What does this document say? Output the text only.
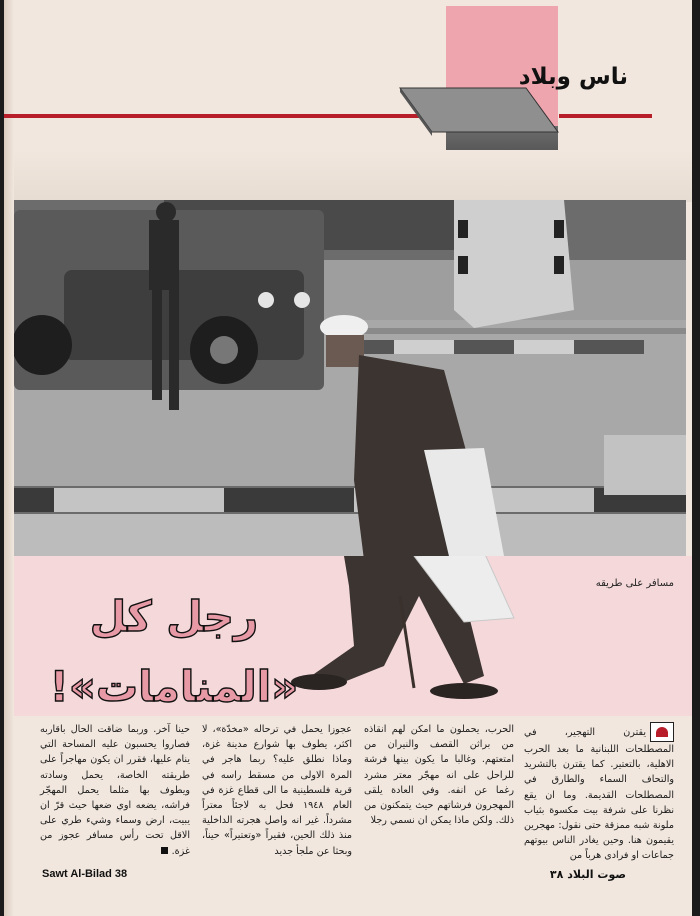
ناس وبلاد
رجل كل «المنامات»!
مسافر على طريقه

يقترن التهجير، في المصطلحات اللبنانية ما بعد الحرب الاهلية، بالتعتير. كما يقترن بالتشريد والتحاف السماء والطارق في المصطلحات القديمة. وما ان يقع نظرنا على شرفة بيت مكسوة بثياب ملونة شبه ممزقة حتى نقول: مهجرين يقيمون هنا. وحين يغادر الناس بيوتهم جماعات او فرادى هرباً من

الحرب، يحملون ما امكن لهم انقاذه من براثن القصف والنيران من امتعتهم. وغالبا ما يكون بينها فرشة للراحل على انه مهجّر معتر مشرد رغما عن انفه. وفي العادة يلقى المهجرون فرشاتهم حيث يتمكنون من ذلك. ولكن ماذا يمكن ان نسمي رجلا

عجوزا يحمل في ترحاله «مخدّة»، لا اكثر، يطوف بها شوارع مدينة غزة، وماذا نطلق عليه؟ ربما هاجر في المرة الاولى من مسقط راسه في قرية فلسطينية ما الى قطاع غزة في العام ١٩٤٨ فحل به لاجئاً معتراً مشرداً. غير انه واصل هجرته الداخلية منذ ذلك الحين، فقيراً «وتعتيراً» حيناً، وبحثا عن ملجأ جديد

حينا آخر. وربما ضاقت الحال باقاربه فصاروا يحسبون عليه المساحة التي ينام عليها، فقرر ان يكون مهاجراً على طريقته الخاصة، يحمل وسادته ويطوف بها مثلما يحمل المهجّر فراشه، يضعه اوي ضعها حيث قرّ ان يبيت، ارض وسماء وشيء طري على الاقل تحت رأس مسافر عجوز من غزة.

Sawt Al-Bilad 38	صوت البلاد ٣٨
